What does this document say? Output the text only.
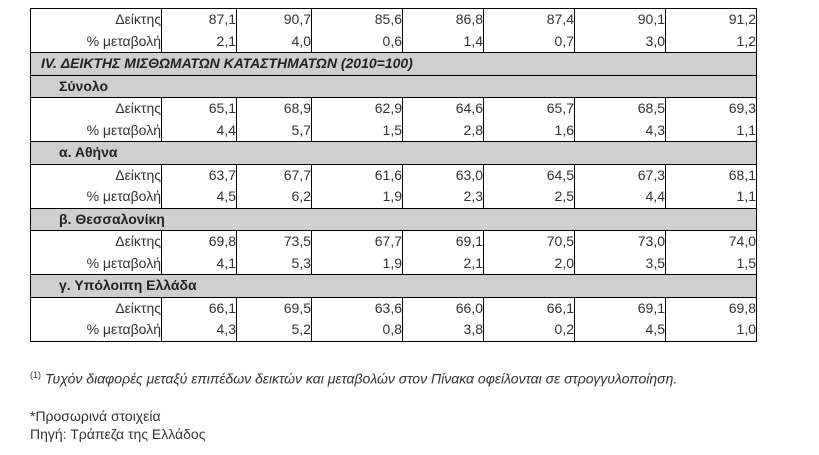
Δείκτης	87,1	90,7	85,6	86,8	87,4	90,1	91,2
% μεταβολή	2,1	4,0	0,6	1,4	0,7	3,0	1,2
IV. ΔΕΙΚΤΗΣ ΜΙΣΘΩΜΑΤΩΝ ΚΑΤΑΣΤΗΜΑΤΩΝ (2010=100)							
Σύνολο							
Δείκτης	65,1	68,9	62,9	64,6	65,7	68,5	69,3
% μεταβολή	4,4	5,7	1,5	2,8	1,6	4,3	1,1
α. Αθήνα							
Δείκτης	63,7	67,7	61,6	63,0	64,5	67,3	68,1
% μεταβολή	4,5	6,2	1,9	2,3	2,5	4,4	1,1
β. Θεσσαλονίκη							
Δείκτης	69,8	73,5	67,7	69,1	70,5	73,0	74,0
% μεταβολή	4,1	5,3	1,9	2,1	2,0	3,5	1,5
γ. Υπόλοιπη Ελλάδα							
Δείκτης	66,1	69,5	63,6	66,0	66,1	69,1	69,8
% μεταβολή	4,3	5,2	0,8	3,8	0,2	4,5	1,0
$^{(1)}$ Τυχόν διαφορές μεταξύ επιπέδων δεικτών και μεταβολών στον Πίνακα οφείλονται σε στρογγυλοποίηση.
*Προσωρινά στοιχεία
Πηγή: Τράπεζα της Ελλάδος
